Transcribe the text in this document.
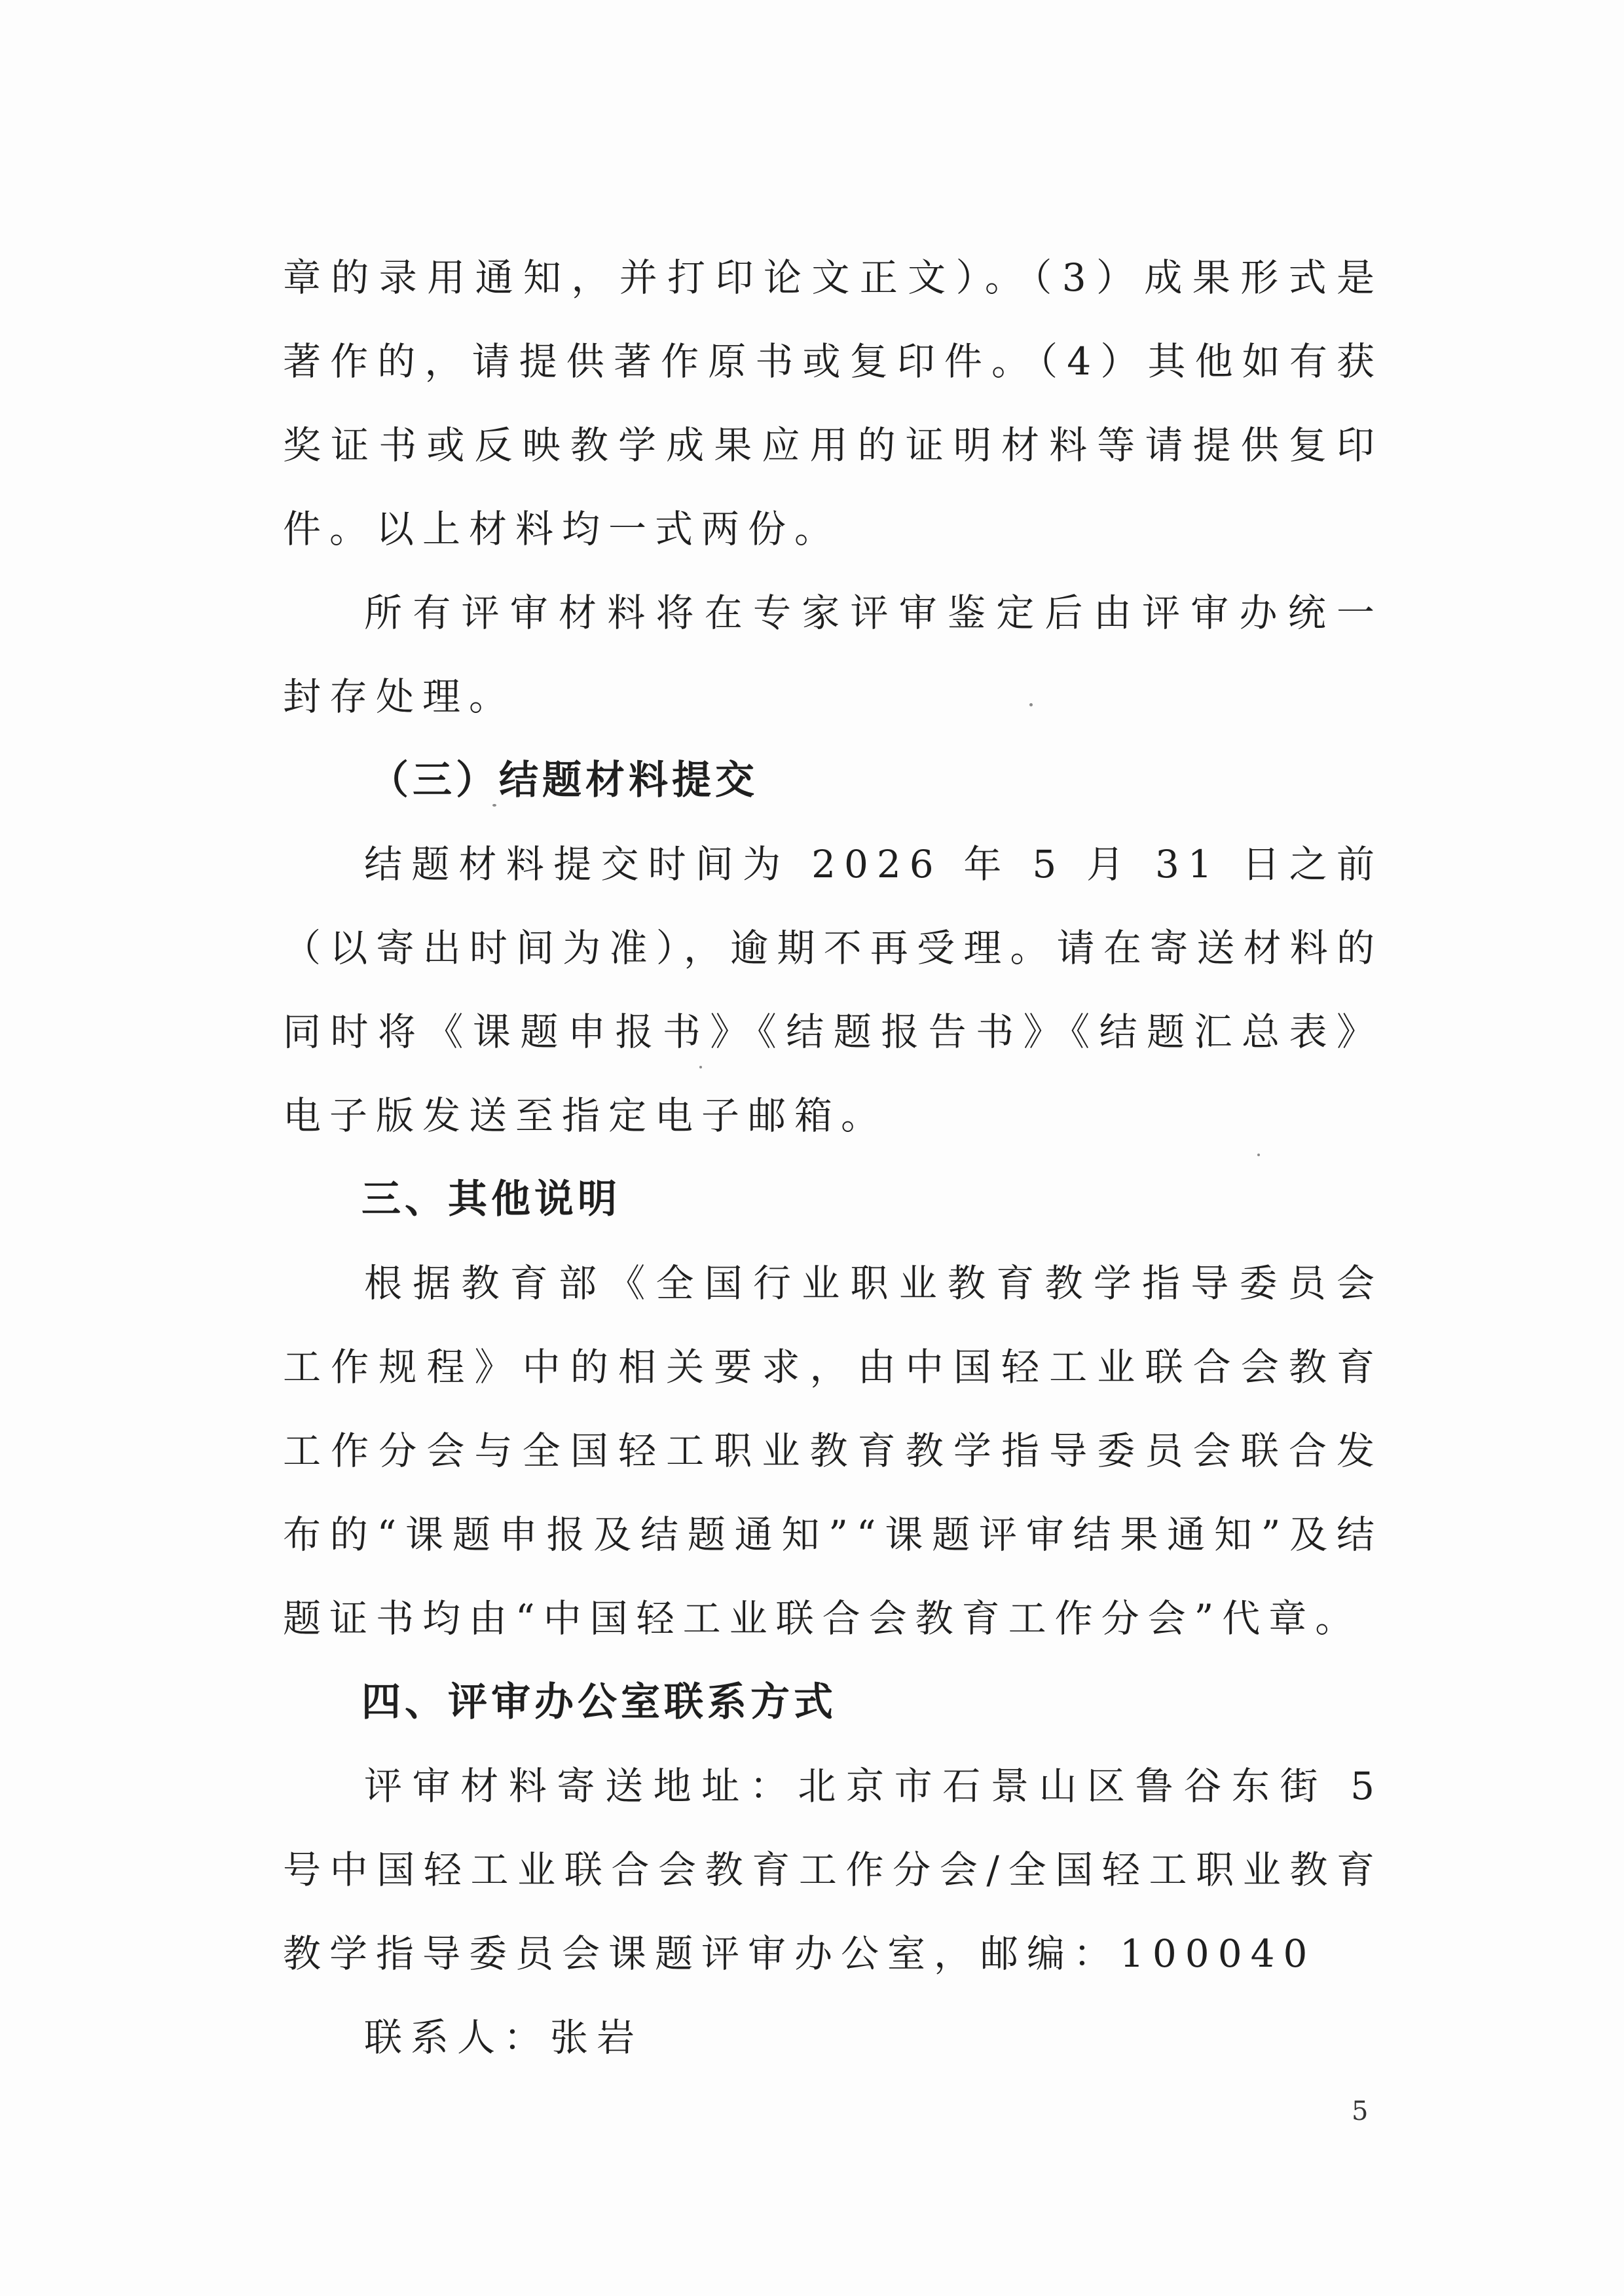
章的录用通知，并打印论文正文）。（3）成果形式是著作的，请提供著作原书或复印件。（4）其他如有获奖证书或反映教学成果应用的证明材料等请提供复印件。以上材料均一式两份。

所有评审材料将在专家评审鉴定后由评审办统一封存处理。

（三）结题材料提交

结题材料提交时间为 2026 年 5 月 31 日之前（以寄出时间为准），逾期不再受理。请在寄送材料的同时将《课题申报书》《结题报告书》《结题汇总表》电子版发送至指定电子邮箱。

三、其他说明

根据教育部《全国行业职业教育教学指导委员会工作规程》中的相关要求，由中国轻工业联合会教育工作分会与全国轻工职业教育教学指导委员会联合发布的“课题申报及结题通知”“课题评审结果通知”及结题证书均由“中国轻工业联合会教育工作分会”代章。

四、评审办公室联系方式

评审材料寄送地址：北京市石景山区鲁谷东街 5 号中国轻工业联合会教育工作分会/全国轻工职业教育教学指导委员会课题评审办公室，邮编：100040

联系人：张岩

5
